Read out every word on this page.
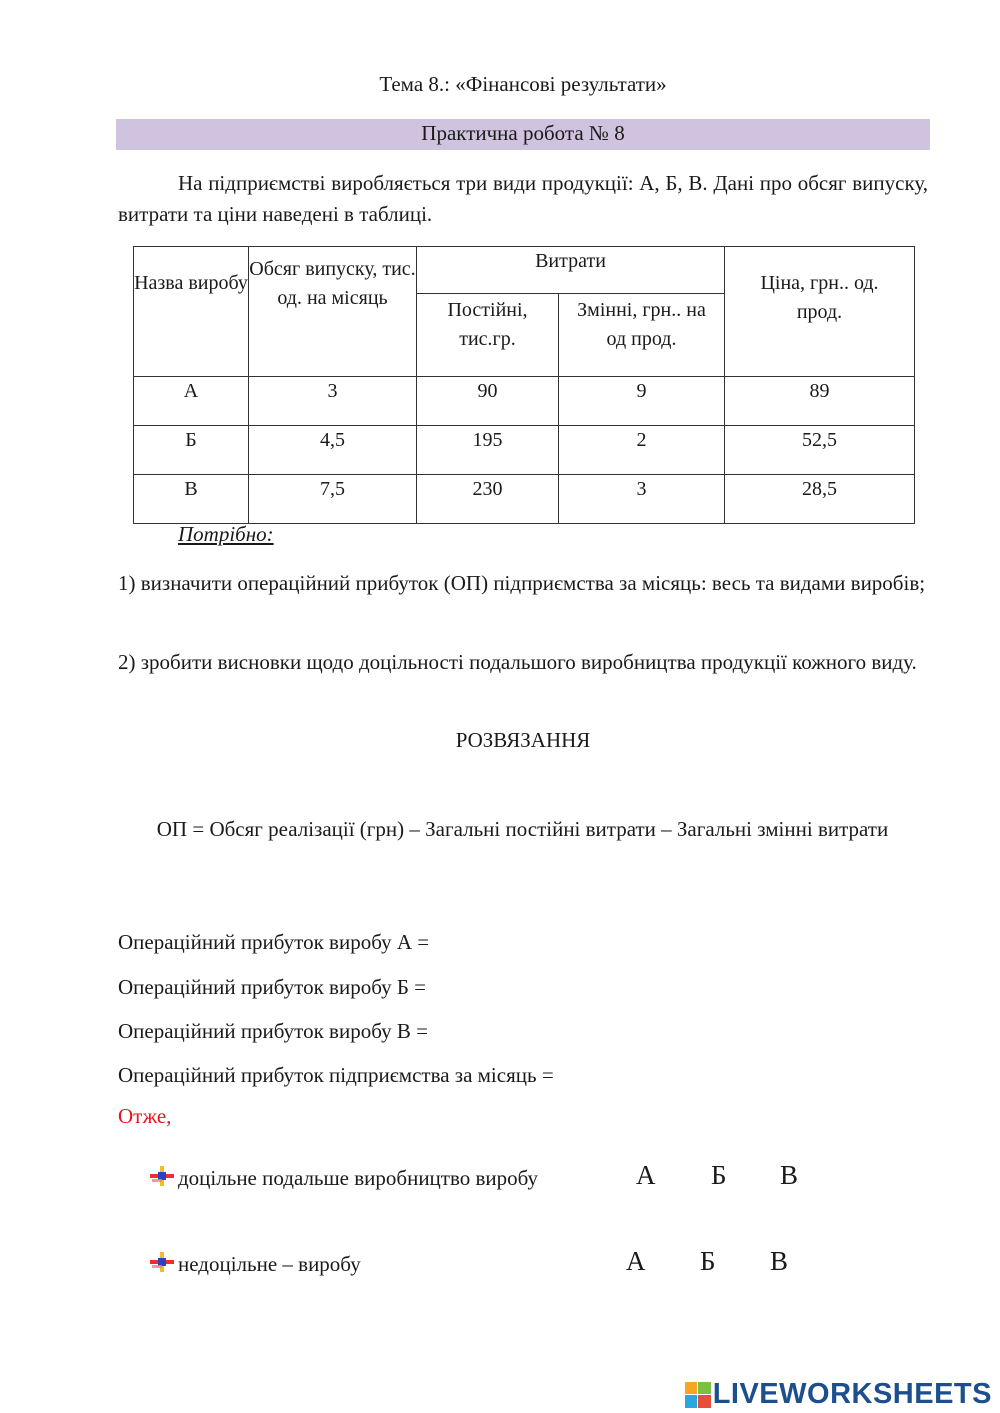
Тема 8.: «Фінансові результати»
Практична робота № 8
На підприємстві виробляється три види продукції: А, Б, В. Дані про обсяг випуску, витрати та ціни наведені в таблиці.
Назва виробу	Обсяг випуску, тис. од. на місяць	Витрати		Ціна, грн.. од. прод.
		Постійні, тис.гр.	Змінні, грн.. на од прод.	
А	3	90	9	89
Б	4,5	195	2	52,5
В	7,5	230	3	28,5
Потрібно:
1) визначити операційний прибуток (ОП) підприємства за місяць: весь та видами виробів;
2) зробити висновки щодо доцільності подальшого виробництва продукції кожного виду.
РОЗВЯЗАННЯ
ОП = Обсяг реалізації (грн) – Загальні постійні витрати – Загальні змінні витрати
Операційний прибуток виробу А =
Операційний прибуток виробу Б =
Операційний прибуток виробу В =
Операційний прибуток підприємства за місяць =
Отже,
доцільне подальше виробництво виробу	А Б В
недоцільне – виробу	А Б В
LIVEWORKSHEETS
